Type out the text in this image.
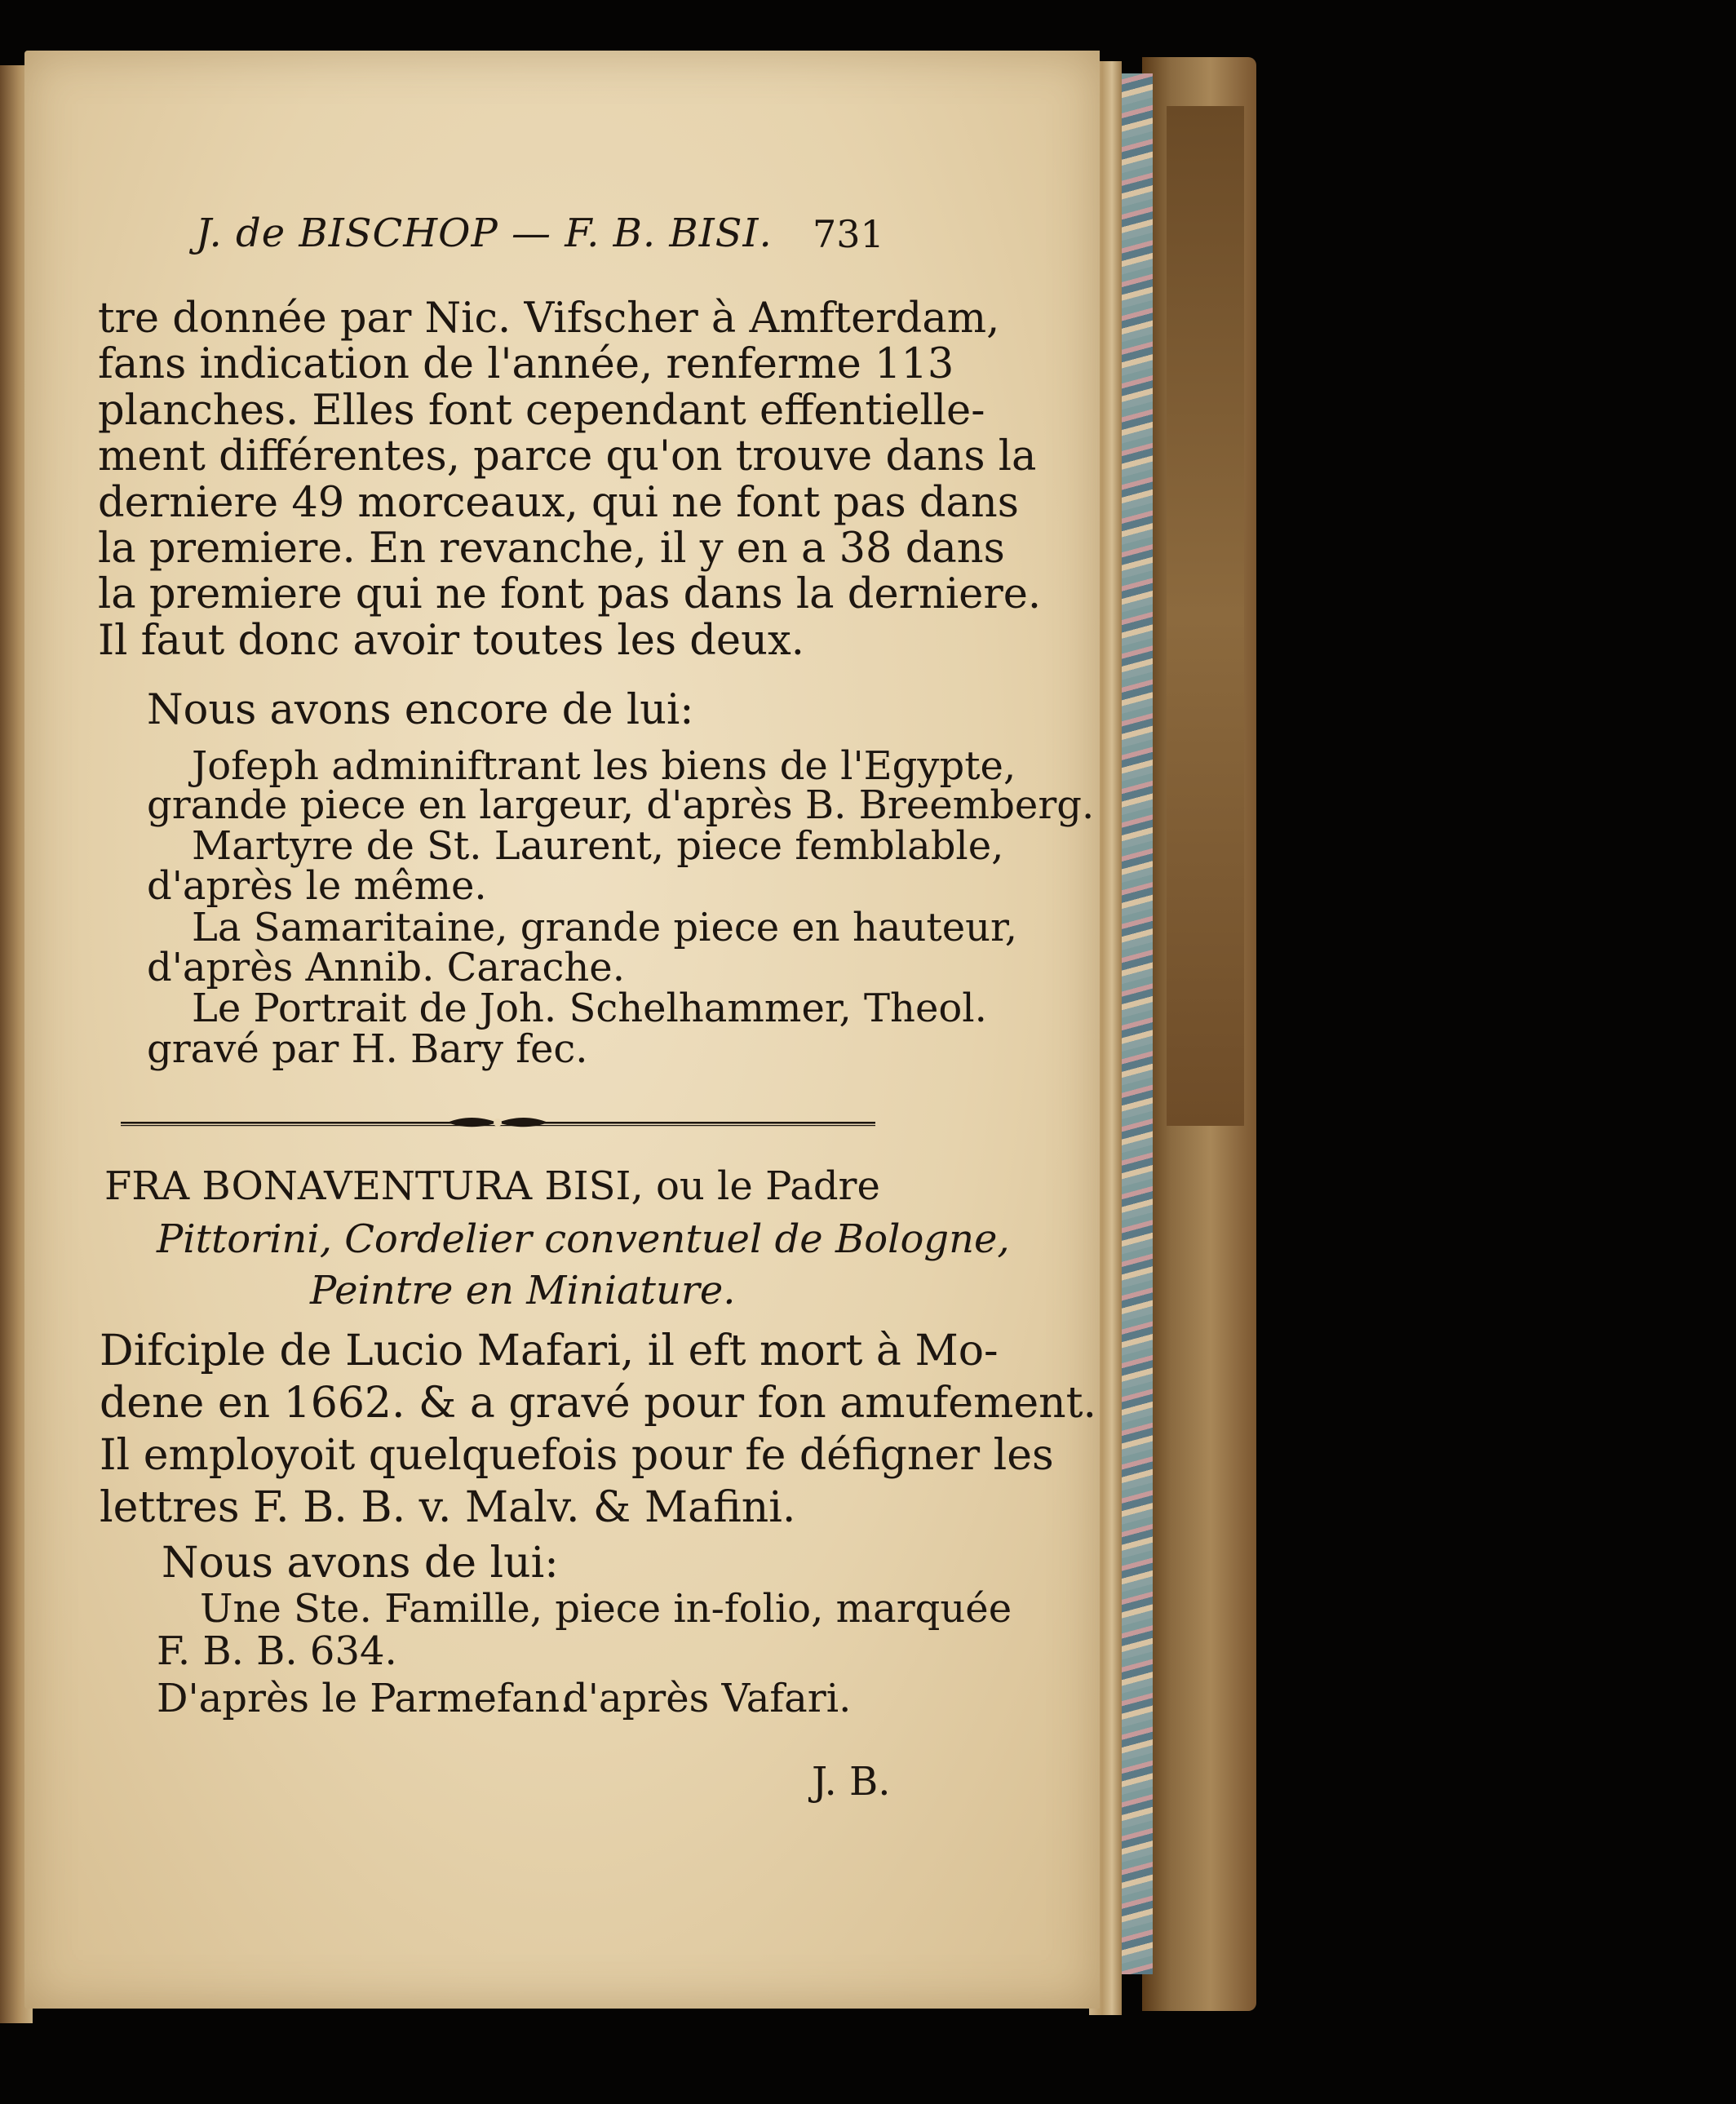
J. de BISCHOP — F. B. BISI. 731
tre donnée par Nic. Vifscher à Amfterdam,
fans indication de l'année, renferme 113
planches. Elles font cependant effentielle-
ment différentes, parce qu'on trouve dans la
derniere 49 morceaux, qui ne font pas dans
la premiere. En revanche, il y en a 38 dans
la premiere qui ne font pas dans la derniere.
Il faut donc avoir toutes les deux.
Nous avons encore de lui:
Jofeph adminiftrant les biens de l'Egypte,
grande piece en largeur, d'après B. Breemberg.
Martyre de St. Laurent, piece femblable,
d'après le même.
La Samaritaine, grande piece en hauteur,
d'après Annib. Carache.
Le Portrait de Joh. Schelhammer, Theol.
gravé par H. Bary fec.
FRA BONAVENTURA BISI, ou le Padre
Pittorini, Cordelier conventuel de Bologne,
Peintre en Miniature.
Difciple de Lucio Mafari, il eft mort à Mo-
dene en 1662. & a gravé pour fon amufement.
Il employoit quelquefois pour fe défigner les
lettres F. B. B. v. Malv. & Mafini.
Nous avons de lui:
Une Ste. Famille, piece in-folio, marquée
F. B. B. 634.
D'après le Parmefan.
d'après Vafari.
J. B.
